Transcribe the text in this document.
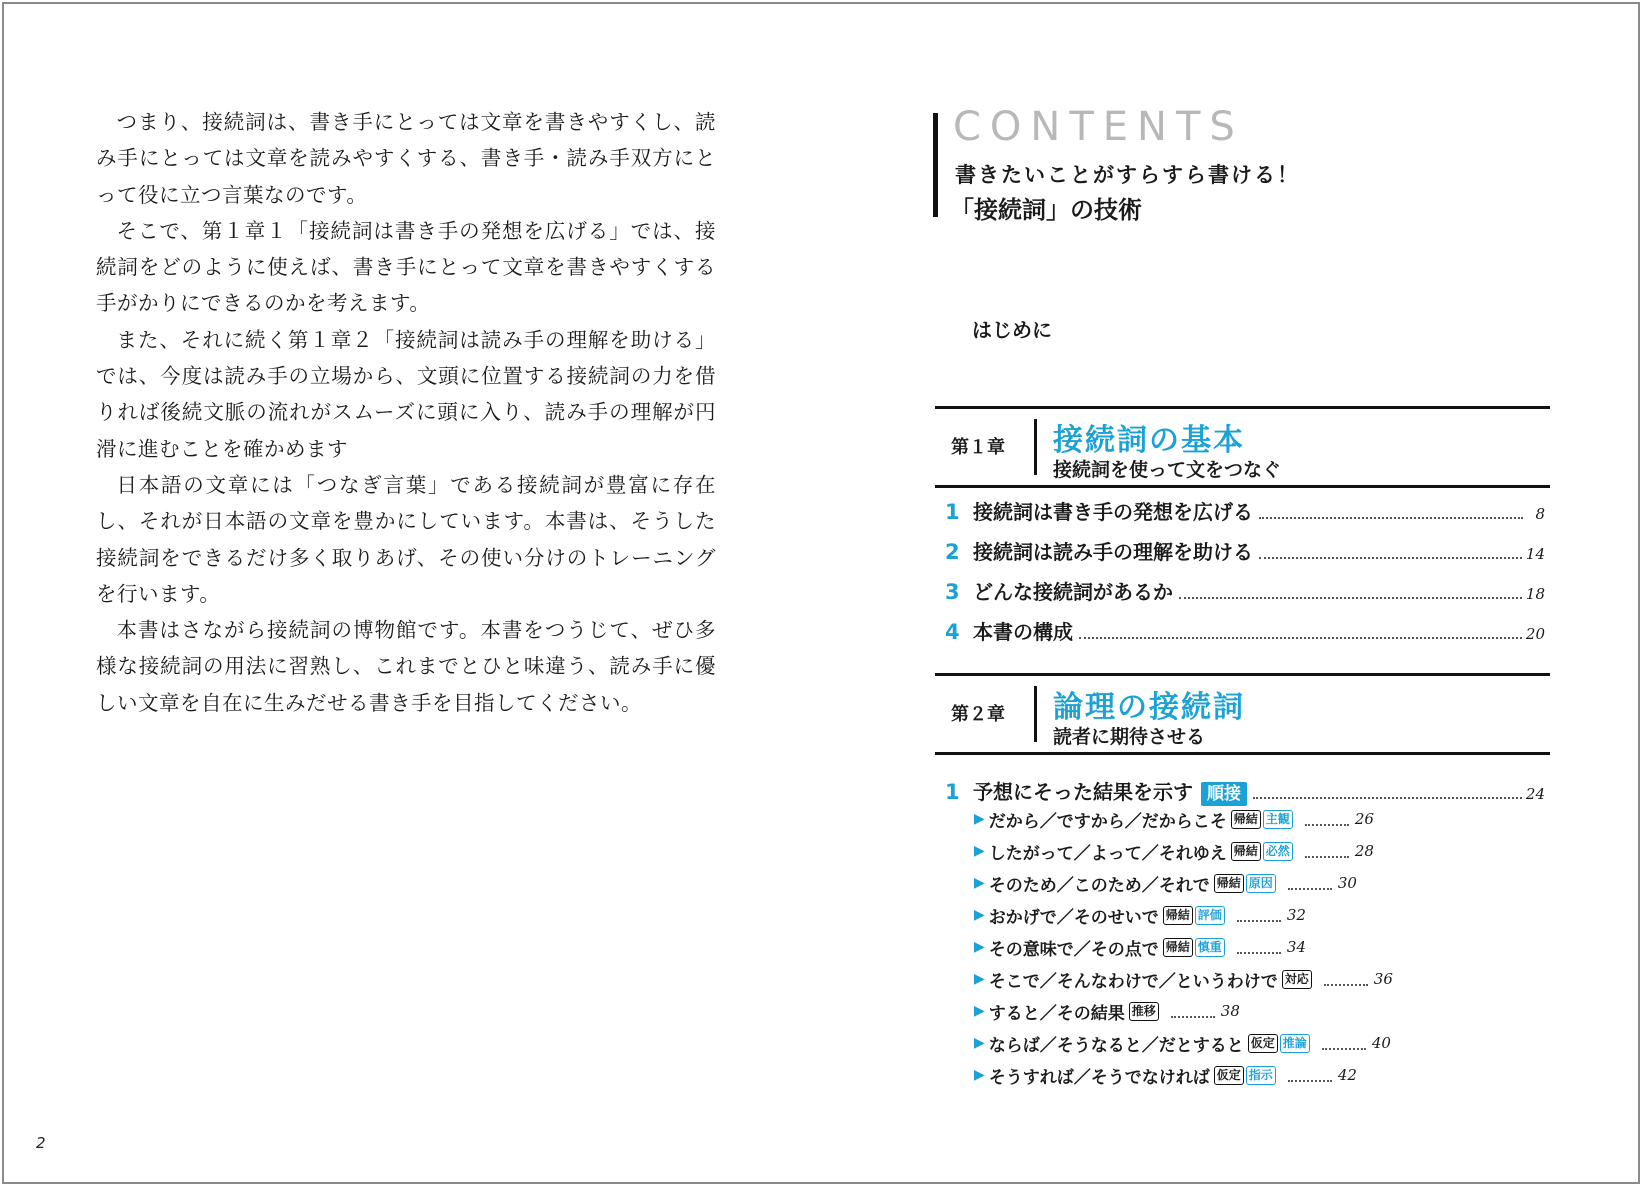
つまり、接続詞は、書き手にとっては文章を書きやすくし、読み手にとっては文章を読みやすくする、書き手・読み手双方にとって役に立つ言葉なのです。

そこで、第１章１「接続詞は書き手の発想を広げる」では、接続詞をどのように使えば、書き手にとって文章を書きやすくする手がかりにできるのかを考えます。

また、それに続く第１章２「接続詞は読み手の理解を助ける」では、今度は読み手の立場から、文頭に位置する接続詞の力を借りれば後続文脈の流れがスムーズに頭に入り、読み手の理解が円滑に進むことを確かめます

日本語の文章には「つなぎ言葉」である接続詞が豊富に存在し、それが日本語の文章を豊かにしています。本書は、そうした接続詞をできるだけ多く取りあげ、その使い分けのトレーニングを行います。

本書はさながら接続詞の博物館です。本書をつうじて、ぜひ多様な接続詞の用法に習熟し、これまでとひと味違う、読み手に優しい文章を自在に生みだせる書き手を目指してください。

2
CONTENTS
書きたいことがすらすら書ける！
「接続詞」の技術
はじめに
第１章 接続詞の基本
接続詞を使って文をつなぐ
1 接続詞は書き手の発想を広げる	8
2 接続詞は読み手の理解を助ける	14
3 どんな接続詞があるか	18
4 本書の構成	20
第２章 論理の接続詞
読者に期待させる
1 予想にそった結果を示す 順接	24
▶ だから／ですから／だからこそ 帰結 主観	26
▶ したがって／よって／それゆえ 帰結 必然	28
▶ そのため／このため／それで 帰結 原因	30
▶ おかげで／そのせいで 帰結 評価	32
▶ その意味で／その点で 帰結 慎重	34
▶ そこで／そんなわけで／というわけで 対応	36
▶ すると／その結果 推移	38
▶ ならば／そうなると／だとすると 仮定 推論	40
▶ そうすれば／そうでなければ 仮定 指示	42
